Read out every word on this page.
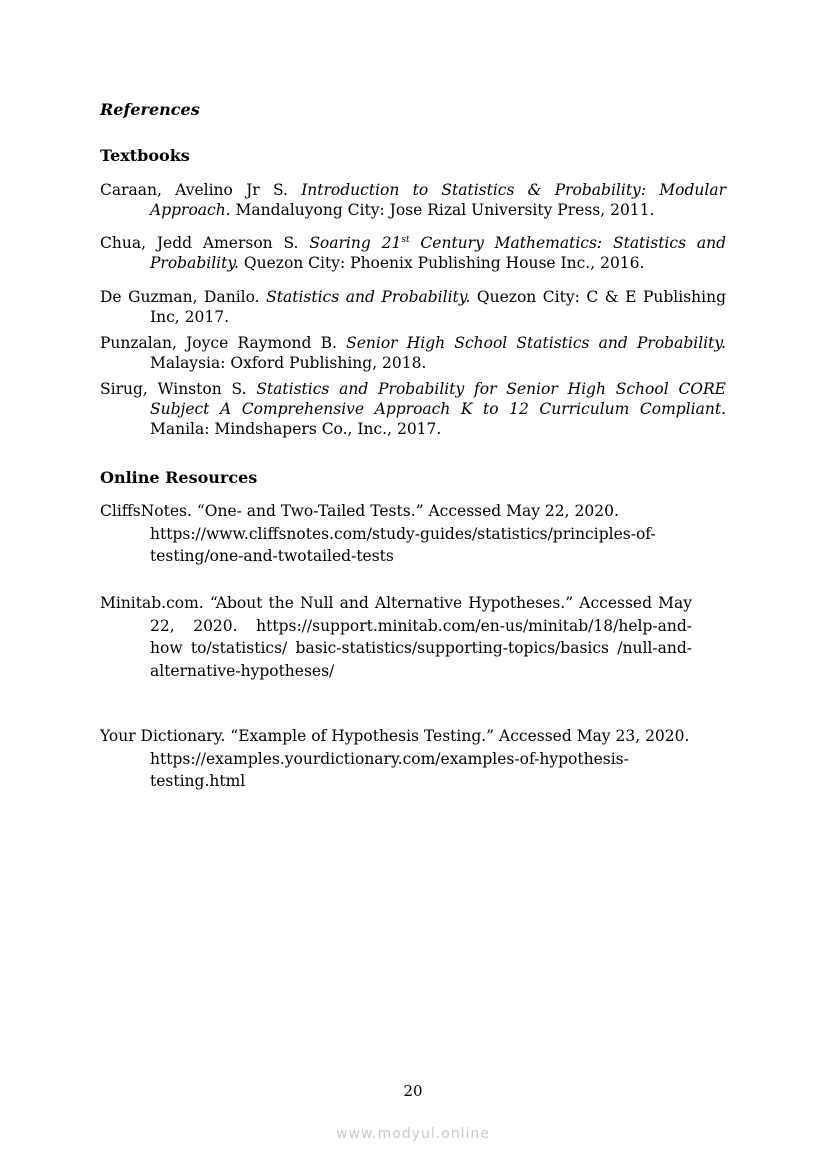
References

Textbooks

Caraan, Avelino Jr S. Introduction to Statistics & Probability: Modular Approach. Mandaluyong City: Jose Rizal University Press, 2011.

Chua, Jedd Amerson S. Soaring 21st Century Mathematics: Statistics and Probability. Quezon City: Phoenix Publishing House Inc., 2016.

De Guzman, Danilo. Statistics and Probability. Quezon City: C & E Publishing Inc, 2017.

Punzalan, Joyce Raymond B. Senior High School Statistics and Probability. Malaysia: Oxford Publishing, 2018.

Sirug, Winston S. Statistics and Probability for Senior High School CORE Subject A Comprehensive Approach K to 12 Curriculum Compliant. Manila: Mindshapers Co., Inc., 2017.

Online Resources

CliffsNotes. “One- and Two-Tailed Tests.” Accessed May 22, 2020.
https://www.cliffsnotes.com/study-guides/statistics/principles-of-
testing/one-and-twotailed-tests

Minitab.com. “About the Null and Alternative Hypotheses.” Accessed May 22, 2020. https://support.minitab.com/en-us/minitab/18/help-and-how to/statistics/ basic-statistics/supporting-topics/basics /null-and-alternative-hypotheses/

Your Dictionary. “Example of Hypothesis Testing.” Accessed May 23, 2020.
https://examples.yourdictionary.com/examples-of-hypothesis-
testing.html

20

www.modyul.online
